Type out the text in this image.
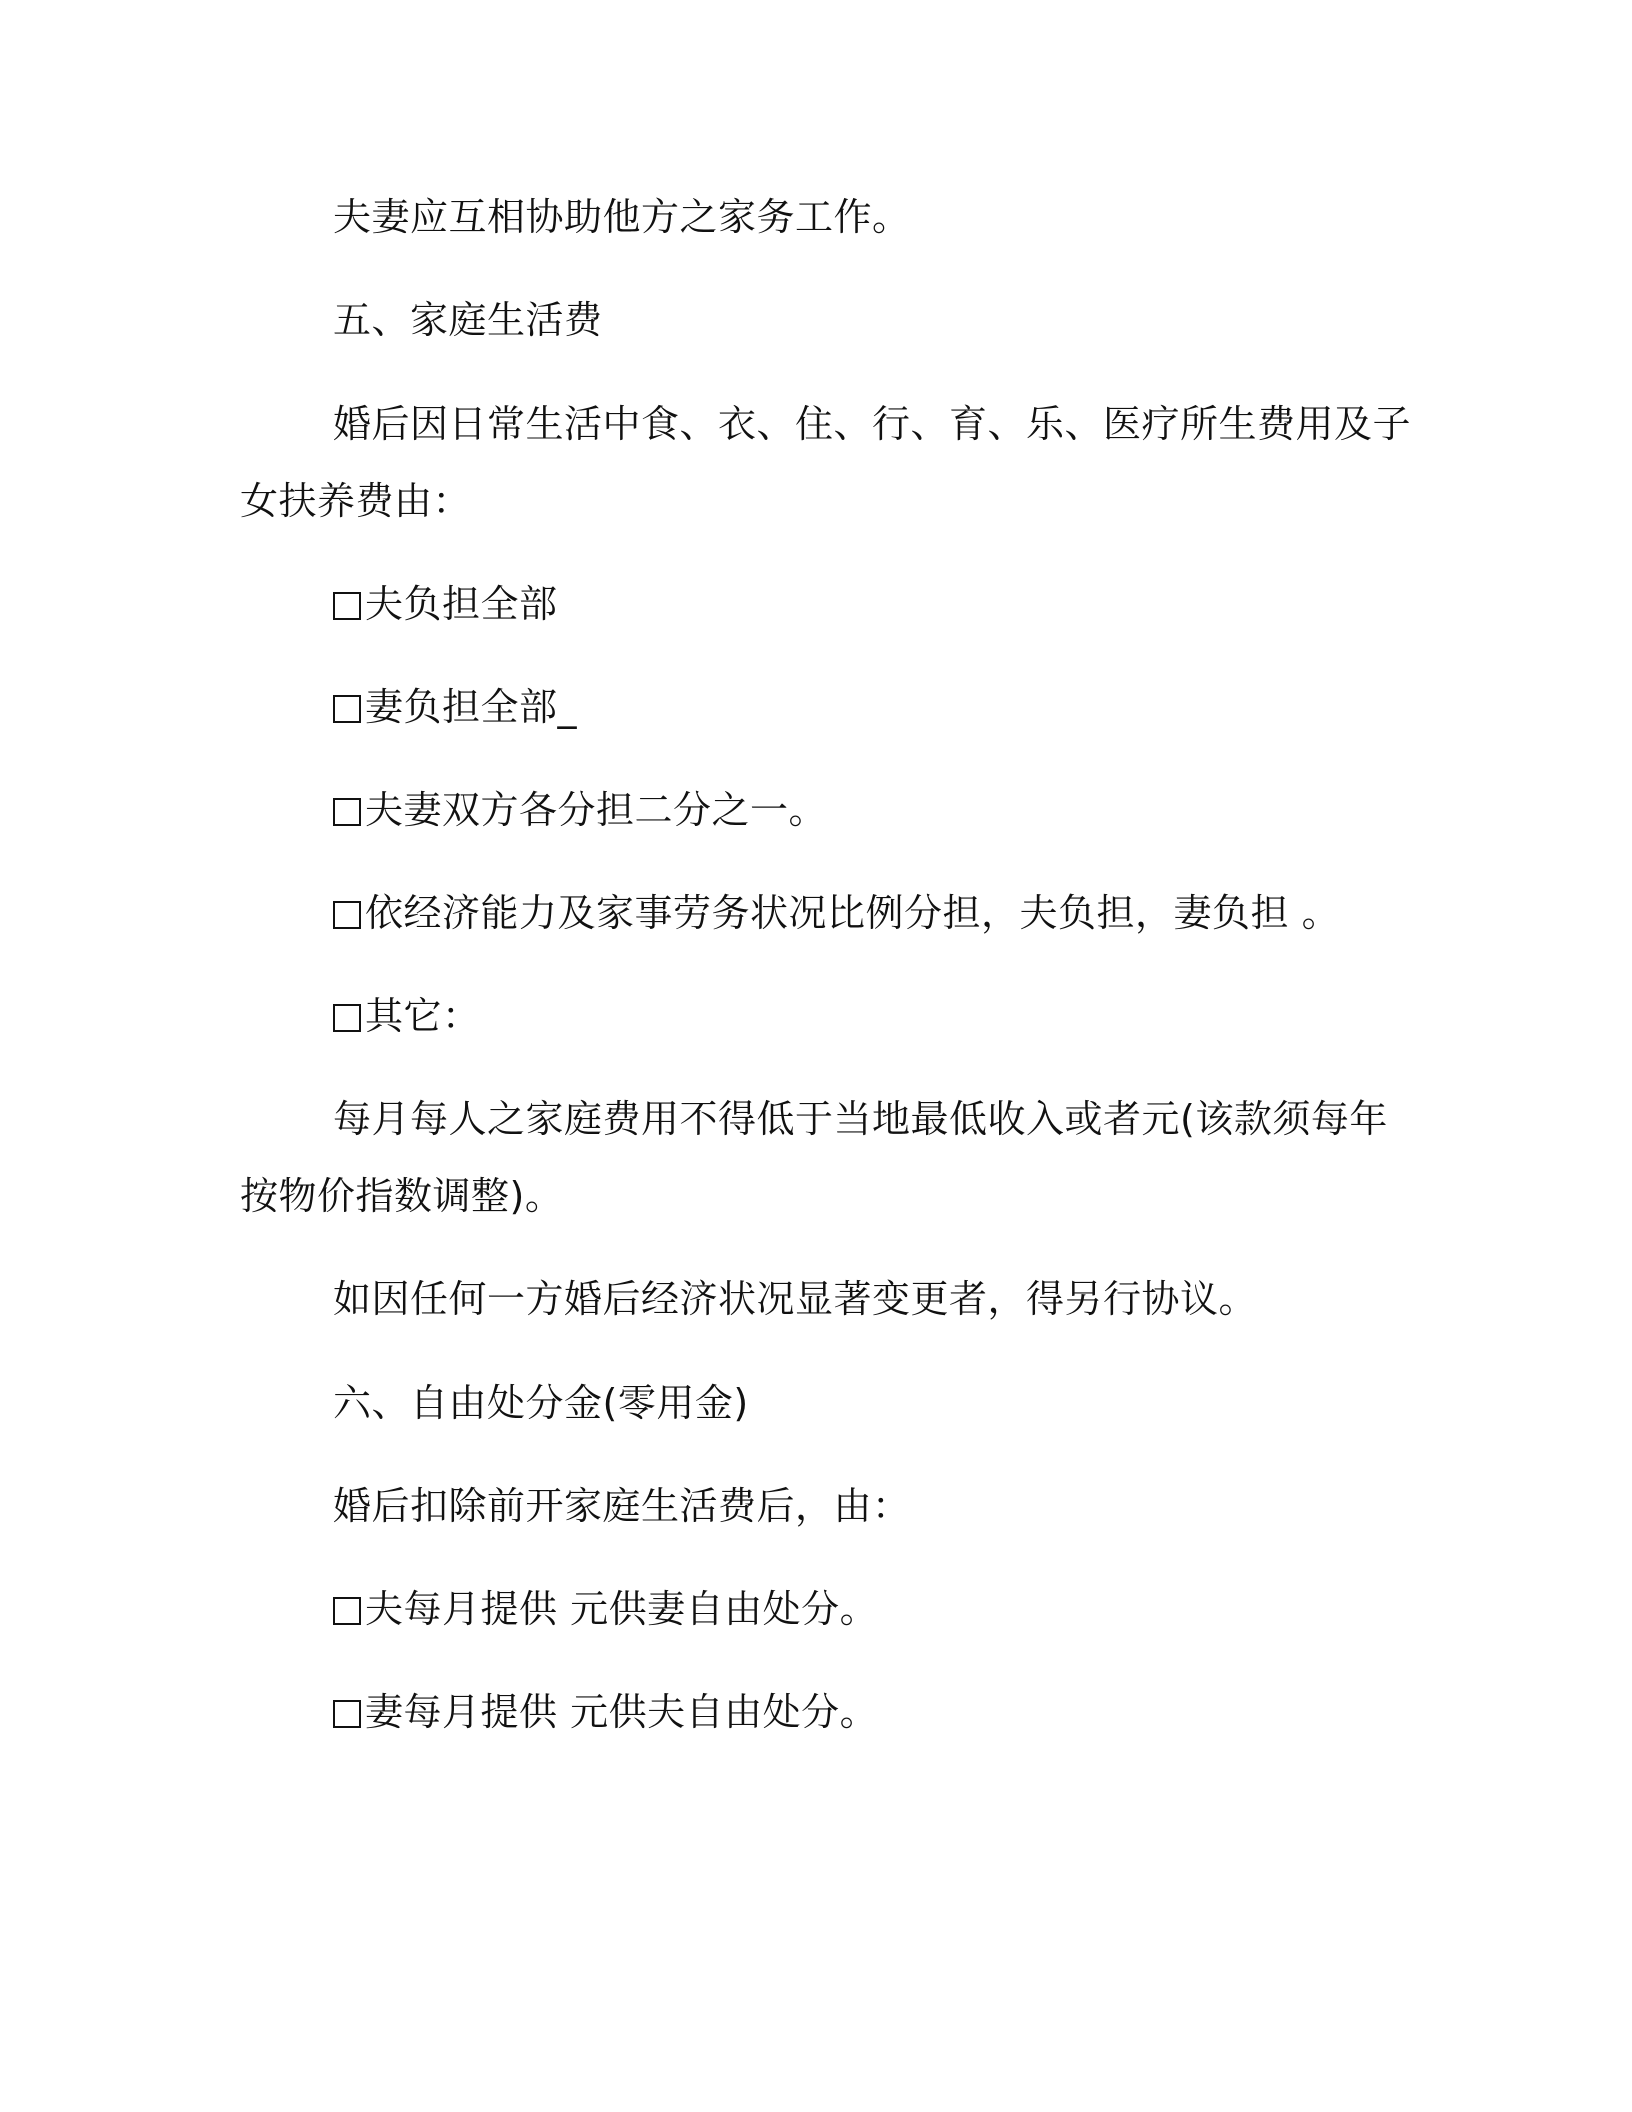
夫妻应互相协助他方之家务工作。
五、家庭生活费
婚后因日常生活中食、衣、住、行、育、乐、医疗所生费用及子
女扶养费由：
夫负担全部
妻负担全部_
夫妻双方各分担二分之一。
依经济能力及家事劳务状况比例分担，夫负担，妻负担 。
其它：
每月每人之家庭费用不得低于当地最低收入或者元(该款须每年
按物价指数调整)。
如因任何一方婚后经济状况显著变更者，得另行协议。
六、自由处分金(零用金)
婚后扣除前开家庭生活费后，由：
夫每月提供 元供妻自由处分。
妻每月提供 元供夫自由处分。
